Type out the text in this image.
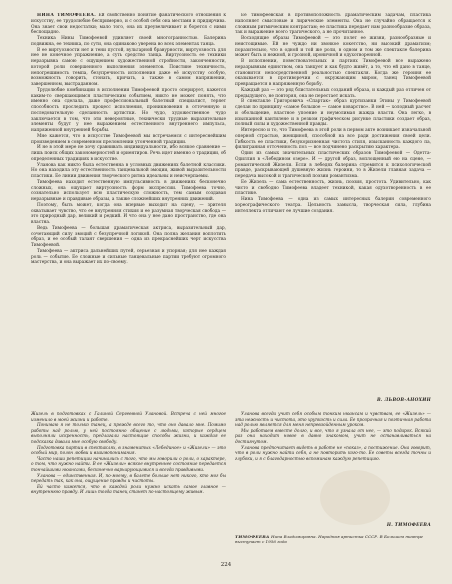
НИНА ТИМОФЕЕВА. Ей свойственно понятие фанатического отношения к искусству, ее трудолюбие беспримерно, и с особой себя она местами и придирчива. Она знает свои недостатки; мало того, она их преувеличивает и борется с ними беспощадно.

Техника Нины Тимофеевой удивляет своей многогранностью. Балерина подвижна, ее техника, по сути, она одинаково уверена во всех элементах танца.

В ее виртуозности нет и тени пустой, вульгарной бравурности, виртуозность для нее не конечное упражнение, а суть средство танца. Виртуозность ее техники неразрывна самою с ощущением художественной стройности, законченности, которой роли совершенного выполнения элементов. Поистине техничность, непогрешимость темпа, безупречность исполнения даже её искусству особую, возможность говорить, стонать, кричать, а также в самом напряжении, завершенном, выстраданном.

Трудолюбие комбинации в исполнении Тимофеевой просто оперирует, кажется каким-то свершающимся пластическим событием, никто не может понять, что именно она сделала, даже профессиональный балетный специалист, теряет способность проследить процесс исполнения, проникновения в отточенную и последовательную сделанность артистки. Но чудо, художественное чудо заключается в том, что эти невероятные, технически трудные выразительные элементы будут у нее выражением естественного внутреннего импульса, напряженной внутренней борьбы.

Мне кажется, что в искусстве Тимофеевой мы встречаемся с интереснейшим произведением в современном преломлении утонченной традиции.

И не в этой мере не хочу сравнивать индивидуальности, ибо всякое сравнение — лишь поиск общих закономерностей и ориентиров. Речь идет именно о традиции, об определенных традициях в искусстве.

Уланова как никто была естественна в условных движениях балетной классики. Но она находила эту естественность танцевальной эмоции, живой выразительности пластики. Ее линии движения творческого ритма идеальны и неисчерпаемы.

Тимофеева находит естественную импульсивность в движениях бесконечно сложных, она ощущает виртуозность форм экспрессии. Тимофеева точно, сознательно использует всю пластическую сложность, тем самым создавая неразрывные и правдивые образы, а также сложнейших внутренних движений.

Поэтому, быть может, когда она впервые выходит на сцену, — зрителя охватывает чувство, что ее внутренняя стихия и ее разумная творческая свобода — это природный дар, великий и редкий. И что она у нее дано пространство, где она властна.

Ведь Тимофеева — большая драматическая актриса, выразительный дар, сочетающий силу эмоций с безупречной логикой. Она полна желания воплотить образ, и ее особый талант свершения — одна из прекраснейших черт искусства Тимофеевой.

Тимофеева — актриса дальнейших путей, серьезная и упорная; для нее каждая роль — событие. Ее сложные и сильные танцевальные партии требуют огромного мастерства, и она выражает их по-своему.

Ее тимофеевская в противоположность драматическим задачам, пластика наполняет смысловые и лирические элементы. Она не случайно обращается к сложным ритмическим контрастам; ее пластика передает нам разнообразие образа, так и выражение всего трагического, а не прочитанное.

Восходящие образы Тимофеевой — это полет ее жизни, разнообразные и неистощимые. Ей не чуждо ни звонкое кокетство, ни высокий драматизм; поразительно, что в одной и той же роли, в одном и том же спектакле балерина может быть и нежной, и грозной, ироничной и одухотворенной.

В исполнении, повествовательных и партиях Тимофеевой все выражено неразрывным единством, она танцует и как будто живёт, а то, что ей дано в танце, становится непосредственной реальностью спектакля. Когда же героиня ее оказывается в противоречии с окружающим миром, танец Тимофеевой превращается в напряженную борьбу.

Каждый раз — это ряд блистательных созданий образа, и каждый раз отличен от предыдущего, не повторяя, она не перестает искать.

В спектакле Григоровича «Спартак» образ куртизанки Эгины у Тимофеевой сделан по принципу «самое большое — самое коварство». В ней — холодный расчет и обольщение, властное упоение и неумолимая жажда власти. Она легко, в изысканной кантилене и в резком графическом рисунке пластики создает образ, полный силы и художественной правды.

Интересно и то, что Тимофеева в этой роли в первом акте возникает изначальной оперной страстью, женщиной, способной на все ради достижения своей цели. Гибкость ее пластики, безукоризненная чистота стиля, изысканность каждого па, филигранная отточенность поз — все подчинено раскрытию характера.

Один из самых значительных пластических образов Тимофеевой — Одетта-Одиллия в «Лебедином озере». И — другой образ, воплощенный ею на сцене, — романтической Жизели. Если в лебедях балерина стремится к психологической правде, раскрывающей душевную жизнь героини, то в Жизели главная задача — передача высокой и трагической поэзии романтизма.

Ее Жизель — сама естественность, жизнь, поэзия, простота. Удивительно, как чисто и свободно Тимофеева владеет техникой, какая одухотворенность в ее пластике.

Нина Тимофеева — одна из самых интересных балерин современного хореографического театра. Цельность замысла, творческая сила, глубина интеллекта отличают ее лучшие создания.

В. ЛЬВОВ-АНОХИН

Жизель в подготовках с Галиной Сергеевной Улановой. Встреча с ней многое изменило в моей жизни и работе.

Понимаю я не только танец, а прежде всего то, что оно давало мне. Помимо работы над ролью, у ней постоянно общение с людьми, которые сердцем выполняли искренность, предлагали настоящие способы жизни, и каждая ее подсказка давала мне особую свободу.

Подготовка партии в спектаклях, в знаменитых «Лебединое» и «Жизели» — это особый мир, полон любви и взаимопонимания.

Часто наши репетиции начинались с того, что мы говорили о роли, о характере, о том, что нужно найти. В ее «Жизели» всякое внутреннее состояние передается тончайшими нюансами, бесконечно варьирующимися и всегда правдивыми.

Уланова — единственная. И, по-моему, в балете больше нет никого, кто мог бы передать так, как она, ощущение правды и чистоты.

Ей часто кажется, что в каждой роли нужно искать самое главное — внутреннюю правду. И лишь тогда танец станет по-настоящему живым.

Уланова всегда учит себя особым тонким нюансам и чувствам, ее «Жизель» — эта нежность и чистота, это хрупкость и сила. Ее прозрачная и поэтичная работа над ролью является для меня непревзойденным уроком.

Мы работаем вместе долго, и все, что я узнала от нее, — это подарок. Всякий раз она находит новое в давно знакомом, учит не останавливаться на достигнутом.

Уланова предпочитает видеть в работе не «показ», а постижение. Она говорит, что в роли нужно найти себя, а не повторить кого-то. Ее советы всегда точны и глубоки, и я с благодарностью вспоминаю каждую репетицию.

Н. ТИМОФЕЕВА
ТИМОФЕЕВА Нина Владимировна. Народная артистка СССР. В Большом театре выступает с 1956 года
224
